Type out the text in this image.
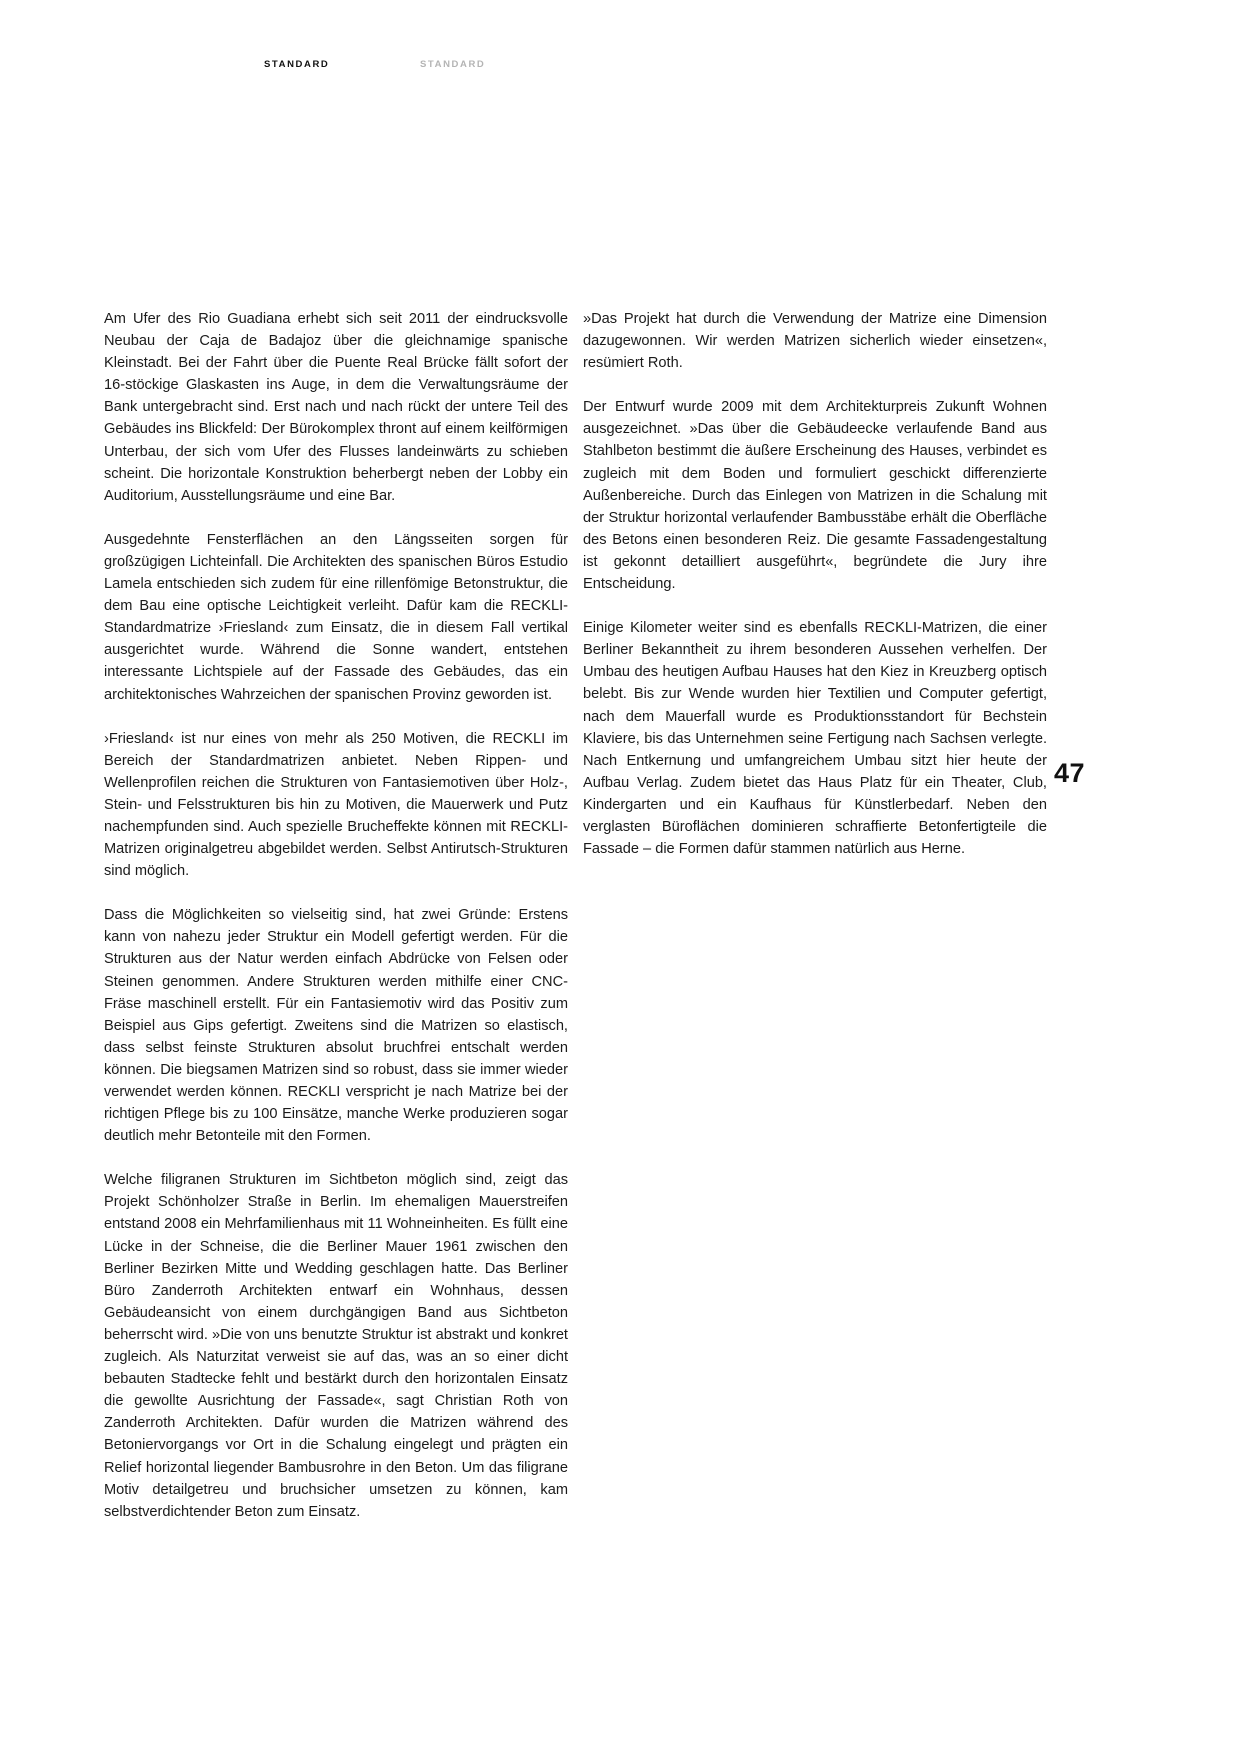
STANDARD	STANDARD

Am Ufer des Rio Guadiana erhebt sich seit 2011 der eindrucksvolle Neubau der Caja de Badajoz über die gleichnamige spanische Kleinstadt. Bei der Fahrt über die Puente Real Brücke fällt sofort der 16-stöckige Glaskasten ins Auge, in dem die Verwaltungsräume der Bank untergebracht sind. Erst nach und nach rückt der untere Teil des Gebäudes ins Blickfeld: Der Bürokomplex thront auf einem keilförmigen Unterbau, der sich vom Ufer des Flusses landeinwärts zu schieben scheint. Die horizontale Konstruktion beherbergt neben der Lobby ein Auditorium, Ausstellungsräume und eine Bar.

Ausgedehnte Fensterflächen an den Längsseiten sorgen für großzügigen Lichteinfall. Die Architekten des spanischen Büros Estudio Lamela entschieden sich zudem für eine rillenfömige Betonstruktur, die dem Bau eine optische Leichtigkeit verleiht. Dafür kam die RECKLI-Standardmatrize ›Friesland‹ zum Einsatz, die in diesem Fall vertikal ausgerichtet wurde. Während die Sonne wandert, entstehen interessante Lichtspiele auf der Fassade des Gebäudes, das ein architektonisches Wahrzeichen der spanischen Provinz geworden ist.

›Friesland‹ ist nur eines von mehr als 250 Motiven, die RECKLI im Bereich der Standardmatrizen anbietet. Neben Rippen- und Wellenprofilen reichen die Strukturen von Fantasiemotiven über Holz-, Stein- und Felsstrukturen bis hin zu Motiven, die Mauerwerk und Putz nachempfunden sind. Auch spezielle Brucheffekte können mit RECKLI-Matrizen originalgetreu abgebildet werden. Selbst Antirutsch-Strukturen sind möglich.

Dass die Möglichkeiten so vielseitig sind, hat zwei Gründe: Erstens kann von nahezu jeder Struktur ein Modell gefertigt werden. Für die Strukturen aus der Natur werden einfach Abdrücke von Felsen oder Steinen genommen. Andere Strukturen werden mithilfe einer CNC-Fräse maschinell erstellt. Für ein Fantasiemotiv wird das Positiv zum Beispiel aus Gips gefertigt. Zweitens sind die Matrizen so elastisch, dass selbst feinste Strukturen absolut bruchfrei entschalt werden können. Die biegsamen Matrizen sind so robust, dass sie immer wieder verwendet werden können. RECKLI verspricht je nach Matrize bei der richtigen Pflege bis zu 100 Einsätze, manche Werke produzieren sogar deutlich mehr Betonteile mit den Formen.

Welche filigranen Strukturen im Sichtbeton möglich sind, zeigt das Projekt Schönholzer Straße in Berlin. Im ehemaligen Mauerstreifen entstand 2008 ein Mehrfamilienhaus mit 11 Wohneinheiten. Es füllt eine Lücke in der Schneise, die die Berliner Mauer 1961 zwischen den Berliner Bezirken Mitte und Wedding geschlagen hatte. Das Berliner Büro Zanderroth Architekten entwarf ein Wohnhaus, dessen Gebäudeansicht von einem durchgängigen Band aus Sichtbeton beherrscht wird. »Die von uns benutzte Struktur ist abstrakt und konkret zugleich. Als Naturzitat verweist sie auf das, was an so einer dicht bebauten Stadtecke fehlt und bestärkt durch den horizontalen Einsatz die gewollte Ausrichtung der Fassade«, sagt Christian Roth von Zanderroth Architekten. Dafür wurden die Matrizen während des Betoniervorgangs vor Ort in die Schalung eingelegt und prägten ein Relief horizontal liegender Bambusrohre in den Beton. Um das filigrane Motiv detailgetreu und bruchsicher umsetzen zu können, kam selbstverdichtender Beton zum Einsatz.

»Das Projekt hat durch die Verwendung der Matrize eine Dimension dazugewonnen. Wir werden Matrizen sicherlich wieder einsetzen«, resümiert Roth.

Der Entwurf wurde 2009 mit dem Architekturpreis Zukunft Wohnen ausgezeichnet. »Das über die Gebäudeecke verlaufende Band aus Stahlbeton bestimmt die äußere Erscheinung des Hauses, verbindet es zugleich mit dem Boden und formuliert geschickt differenzierte Außenbereiche. Durch das Einlegen von Matrizen in die Schalung mit der Struktur horizontal verlaufender Bambusstäbe erhält die Oberfläche des Betons einen besonderen Reiz. Die gesamte Fassadengestaltung ist gekonnt detailliert ausgeführt«, begründete die Jury ihre Entscheidung.

Einige Kilometer weiter sind es ebenfalls RECKLI-Matrizen, die einer Berliner Bekanntheit zu ihrem besonderen Aussehen verhelfen. Der Umbau des heutigen Aufbau Hauses hat den Kiez in Kreuzberg optisch belebt. Bis zur Wende wurden hier Textilien und Computer gefertigt, nach dem Mauerfall wurde es Produktionsstandort für Bechstein Klaviere, bis das Unternehmen seine Fertigung nach Sachsen verlegte. Nach Entkernung und umfangreichem Umbau sitzt hier heute der Aufbau Verlag. Zudem bietet das Haus Platz für ein Theater, Club, Kindergarten und ein Kaufhaus für Künstlerbedarf. Neben den verglasten Büroflächen dominieren schraffierte Betonfertigteile die Fassade – die Formen dafür stammen natürlich aus Herne.

47
